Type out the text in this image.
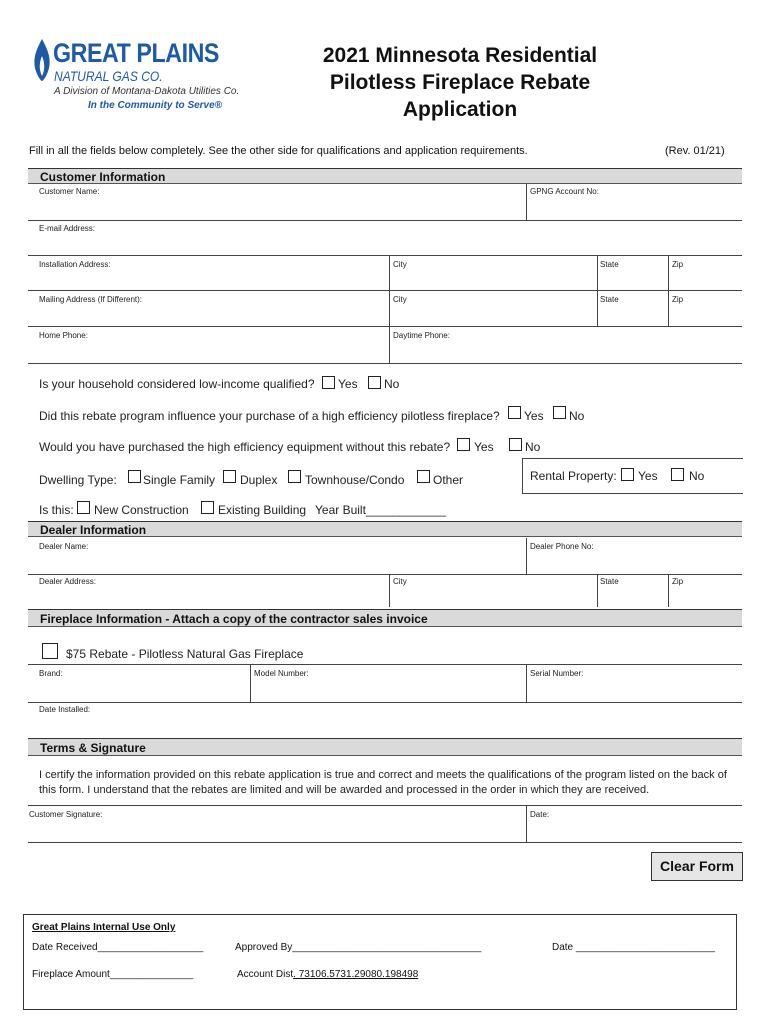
GREAT PLAINS
NATURAL GAS CO.
A Division of Montana-Dakota Utilities Co.
In the Community to Serve®
2021 Minnesota Residential
Pilotless Fireplace Rebate
Application
Fill in all the fields below completely. See the other side for qualifications and application requirements.	(Rev. 01/21)
Customer Information
Customer Name:	GPNG Account No:
E-mail Address:
Installation Address:	City	State	Zip
Mailing Address (If Different):	City	State	Zip
Home Phone:	Daytime Phone:
Is your household considered low-income qualified? Yes No
Did this rebate program influence your purchase of a high efficiency pilotless fireplace? Yes No
Would you have purchased the high efficiency equipment without this rebate? Yes	No
Dwelling Type: Single Family Duplex Townhouse/Condo Other	Rental Property: Yes	No
Is this: New Construction Existing Building Year Built____________
Dealer Information
Dealer Name:	Dealer Phone No:
Dealer Address:	City	State	Zip
Fireplace Information - Attach a copy of the contractor sales invoice
$75 Rebate - Pilotless Natural Gas Fireplace
Brand:	Model Number:	Serial Number:
Date Installed:
Terms & Signature
I certify the information provided on this rebate application is true and correct and meets the qualifications of the program listed on the back of
this form. I understand that the rebates are limited and will be awarded and processed in the order in which they are received.
Customer Signature:	Date:
Clear Form
Great Plains Internal Use Only
Date Received___________________	Approved By__________________________________	Date _________________________
Fireplace Amount_______________	Account Dist. 73106.5731.29080.198498
